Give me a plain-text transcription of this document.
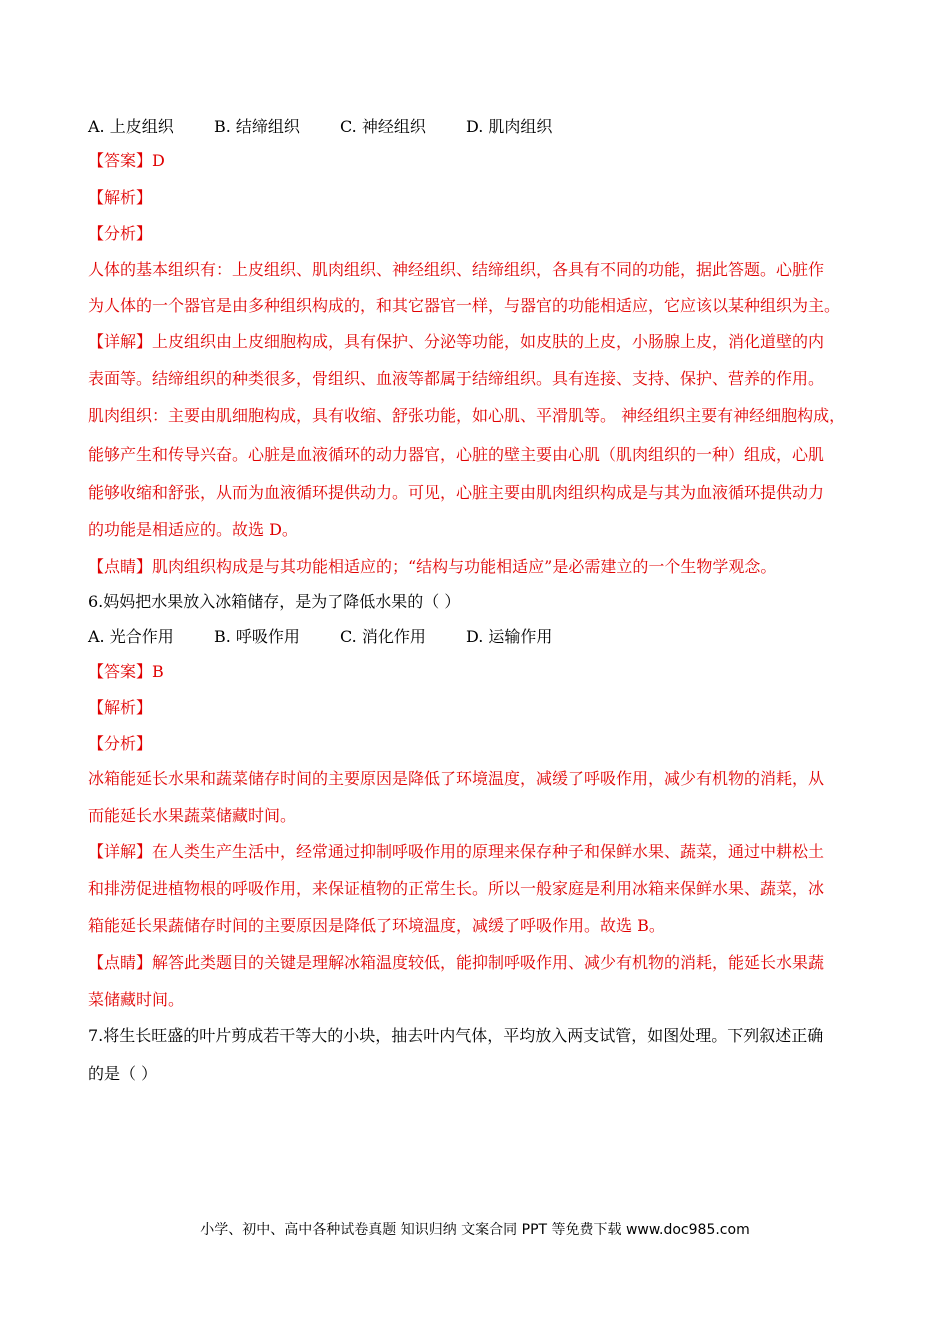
A. 上皮组织	B. 结缔组织	C. 神经组织	D. 肌肉组织
【答案】D
【解析】
【分析】
人体的基本组织有：上皮组织、肌肉组织、神经组织、结缔组织，各具有不同的功能，据此答题。心脏作
为人体的一个器官是由多种组织构成的，和其它器官一样，与器官的功能相适应，它应该以某种组织为主。
【详解】上皮组织由上皮细胞构成，具有保护、分泌等功能，如皮肤的上皮，小肠腺上皮，消化道壁的内
表面等。结缔组织的种类很多，骨组织、血液等都属于结缔组织。具有连接、支持、保护、营养的作用。
肌肉组织：主要由肌细胞构成，具有收缩、舒张功能，如心肌、平滑肌等。 神经组织主要有神经细胞构成，
能够产生和传导兴奋。心脏是血液循环的动力器官，心脏的壁主要由心肌（肌肉组织的一种）组成，心肌
能够收缩和舒张，从而为血液循环提供动力。可见，心脏主要由肌肉组织构成是与其为血液循环提供动力
的功能是相适应的。故选 D。
【点睛】肌肉组织构成是与其功能相适应的；“结构与功能相适应”是必需建立的一个生物学观念。
6.妈妈把水果放入冰箱储存，是为了降低水果的（ ）
A. 光合作用	B. 呼吸作用	C. 消化作用	D. 运输作用
【答案】B
【解析】
【分析】
冰箱能延长水果和蔬菜储存时间的主要原因是降低了环境温度，减缓了呼吸作用，减少有机物的消耗，从
而能延长水果蔬菜储藏时间。
【详解】在人类生产生活中，经常通过抑制呼吸作用的原理来保存种子和保鲜水果、蔬菜，通过中耕松土
和排涝促进植物根的呼吸作用，来保证植物的正常生长。所以一般家庭是利用冰箱来保鲜水果、蔬菜，冰
箱能延长果蔬储存时间的主要原因是降低了环境温度，减缓了呼吸作用。故选 B。
【点睛】解答此类题目的关键是理解冰箱温度较低，能抑制呼吸作用、减少有机物的消耗，能延长水果蔬
菜储藏时间。
7.将生长旺盛的叶片剪成若干等大的小块，抽去叶内气体，平均放入两支试管，如图处理。下列叙述正确
的是（ ）
小学、初中、高中各种试卷真题 知识归纳 文案合同 PPT 等免费下载 www.doc985.com
